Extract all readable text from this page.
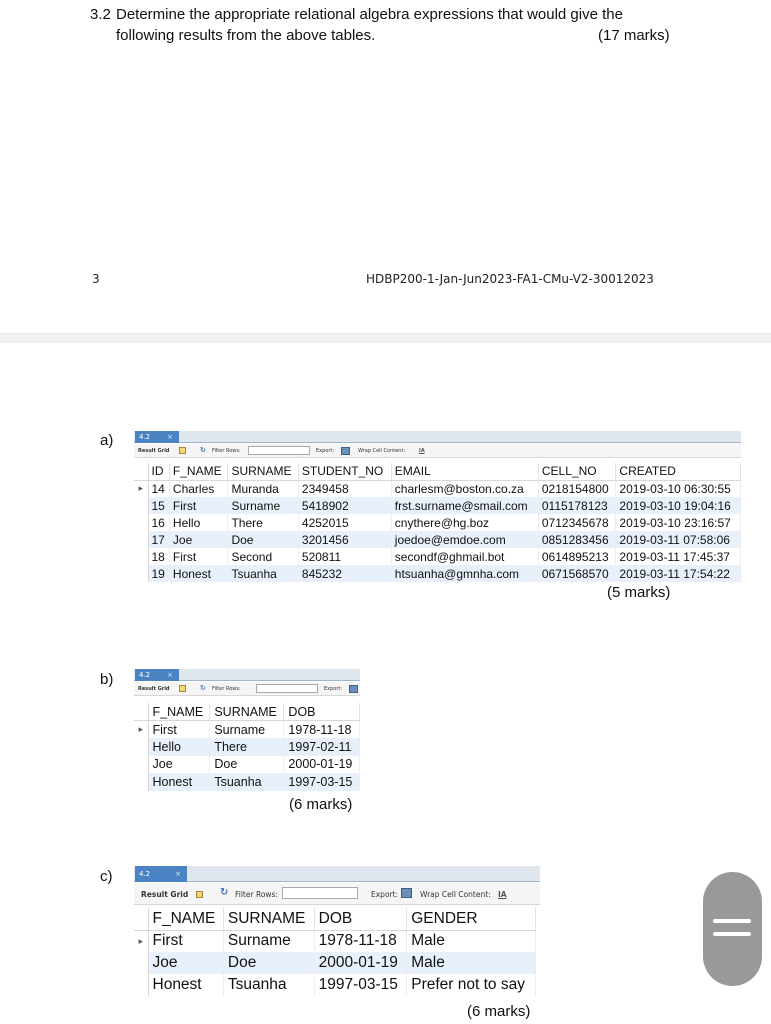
3.2 Determine the appropriate relational algebra expressions that would give the
following results from the above tables.	(17 marks)
3	HDBP200-1-Jan-Jun2023-FA1-CMu-V2-30012023
a)	4.2 ×
Result Grid	↻ Filter Rows:	Export:	Wrap Cell Content:	IA
	ID	F_NAME	SURNAME	STUDENT_NO	EMAIL	CELL_NO	CREATED
▸	14	Charles	Muranda	2349458	charlesm@boston.co.za	0218154800	2019-03-10 06:30:55
	15	First	Surname	5418902	frst.surname@smail.com	0115178123	2019-03-10 19:04:16
	16	Hello	There	4252015	cnythere@hg.boz	0712345678	2019-03-10 23:16:57
	17	Joe	Doe	3201456	joedoe@emdoe.com	0851283456	2019-03-11 07:58:06
	18	First	Second	520811	secondf@ghmail.bot	0614895213	2019-03-11 17:45:37
	19	Honest	Tsuanha	845232	htsuanha@gmnha.com	0671568570	2019-03-11 17:54:22
(5 marks)
b)	4.2 ×
Result Grid	↻ Filter Rows:	Export:
	F_NAME	SURNAME	DOB
▸	First	Surname	1978-11-18
	Hello	There	1997-02-11
	Joe	Doe	2000-01-19
	Honest	Tsuanha	1997-03-15
(6 marks)
c)	4.2	×
Result Grid	↻ Filter Rows:	Export:	Wrap Cell Content: IA
	F_NAME	SURNAME	DOB	GENDER
▸	First	Surname	1978-11-18	Male
	Joe	Doe	2000-01-19	Male
	Honest	Tsuanha	1997-03-15	Prefer not to say
(6 marks)
